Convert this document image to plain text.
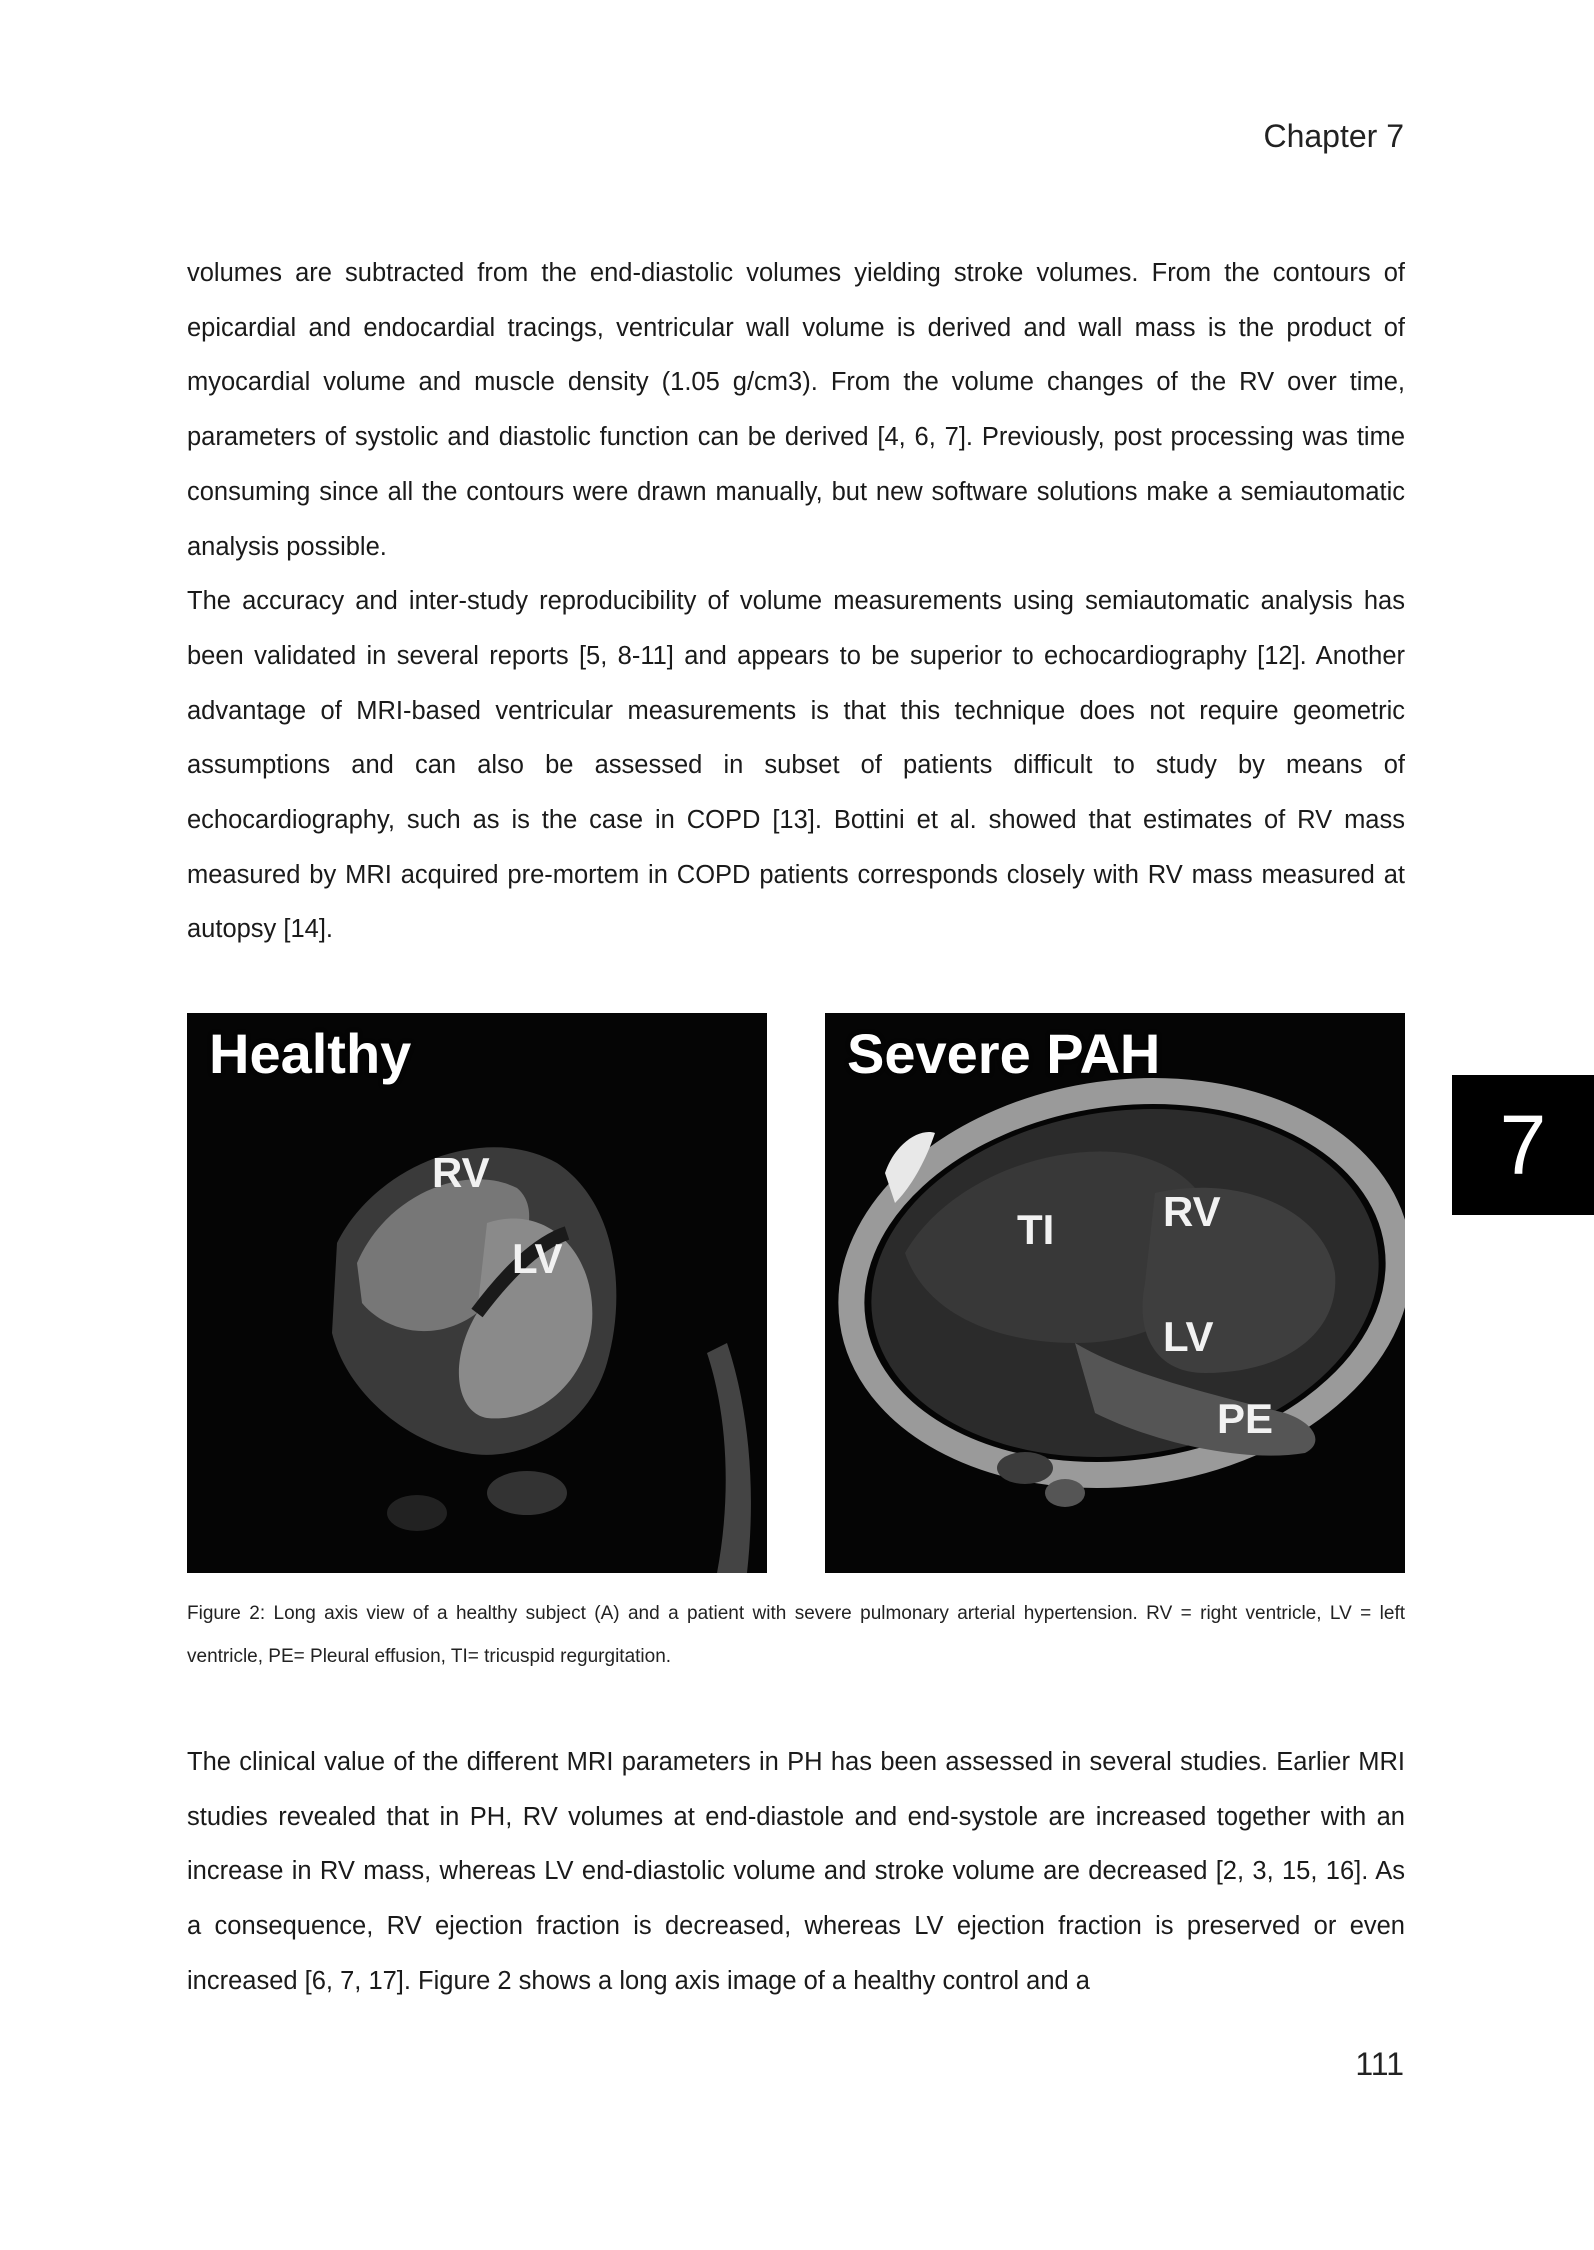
Chapter 7
7

volumes are subtracted from the end-diastolic volumes yielding stroke volumes. From the contours of epicardial and endocardial tracings, ventricular wall volume is derived and wall mass is the product of myocardial volume and muscle density (1.05 g/cm3). From the volume changes of the RV over time, parameters of systolic and diastolic function can be derived [4, 6, 7]. Previously, post processing was time consuming since all the contours were drawn manually, but new software solutions make a semiautomatic analysis possible.

The accuracy and inter-study reproducibility of volume measurements using semiautomatic analysis has been validated in several reports [5, 8-11] and appears to be superior to echocardiography [12]. Another advantage of MRI-based ventricular measurements is that this technique does not require geometric assumptions and can also be assessed in subset of patients difficult to study by means of echocardiography, such as is the case in COPD [13]. Bottini et al. showed that estimates of RV mass measured by MRI acquired pre-mortem in COPD patients corresponds closely with RV mass measured at autopsy [14].

Healthy
RV
LV
Severe PAH
TI	RV
LV
PE
Figure 2: Long axis view of a healthy subject (A) and a patient with severe pulmonary arterial hypertension. RV = right ventricle, LV = left ventricle, PE= Pleural effusion, TI= tricuspid regurgitation.

The clinical value of the different MRI parameters in PH has been assessed in several studies. Earlier MRI studies revealed that in PH, RV volumes at end-diastole and end-systole are increased together with an increase in RV mass, whereas LV end-diastolic volume and stroke volume are decreased [2, 3, 15, 16]. As a consequence, RV ejection fraction is decreased, whereas LV ejection fraction is preserved or even increased [6, 7, 17]. Figure 2 shows a long axis image of a healthy control and a

111
